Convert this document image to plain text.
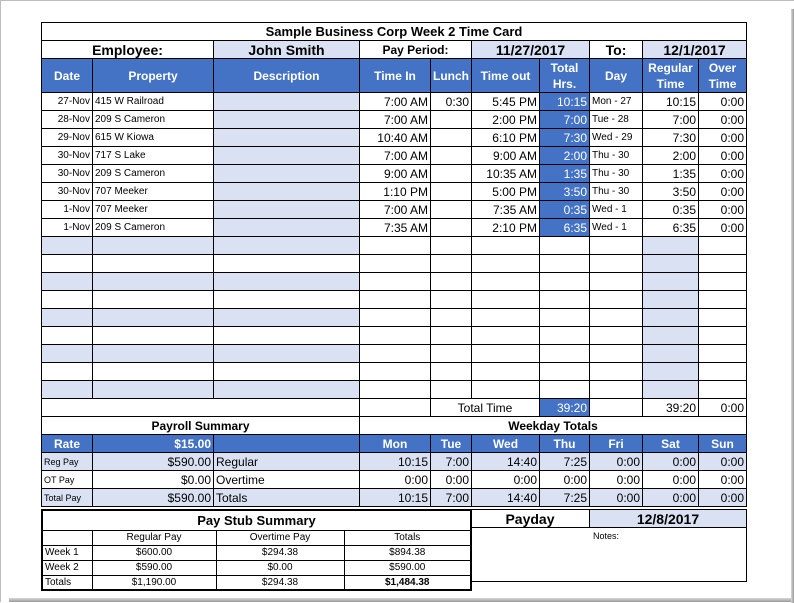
Sample Business Corp Week 2 Time Card									
Employee:		John Smith	Pay Period:		11/27/2017		To:	12/1/2017	
Date	Property	Description	Time In	Lunch	Time out	Total Hrs.	Day	Regular Time	Over Time
27-Nov	415 W Railroad		7:00 AM	0:30	5:45 PM	10:15	Mon - 27	10:15	0:00
28-Nov	209 S Cameron		7:00 AM		2:00 PM	7:00	Tue - 28	7:00	0:00
29-Nov	615 W Kiowa		10:40 AM		6:10 PM	7:30	Wed - 29	7:30	0:00
30-Nov	717 S Lake		7:00 AM		9:00 AM	2:00	Thu - 30	2:00	0:00
30-Nov	209 S Cameron		9:00 AM		10:35 AM	1:35	Thu - 30	1:35	0:00
30-Nov	707 Meeker		1:10 PM		5:00 PM	3:50	Thu - 30	3:50	0:00
1-Nov	707 Meeker		7:00 AM		7:35 AM	0:35	Wed - 1	0:35	0:00
1-Nov	209 S Cameron		7:35 AM		2:10 PM	6:35	Wed - 1	6:35	0:00

				Total Time		39:20		39:20	0:00
Payroll Summary			Weekday Totals						
Rate	$15.00		Mon	Tue	Wed	Thu	Fri	Sat	Sun
Reg Pay	$590.00	Regular	10:15	7:00	14:40	7:25	0:00	0:00	0:00
OT Pay	$0.00	Overtime	0:00	0:00	0:00	0:00	0:00	0:00	0:00
Total Pay	$590.00	Totals	10:15	7:00	14:40	7:25	0:00	0:00	0:00
Pay Stub Summary			
	Regular Pay	Overtime Pay	Totals
Week 1	$600.00	$294.38	$894.38
Week 2	$590.00	$0.00	$590.00
Totals	$1,190.00	$294.38	$1,484.38
Payday	12/8/2017
Notes:
